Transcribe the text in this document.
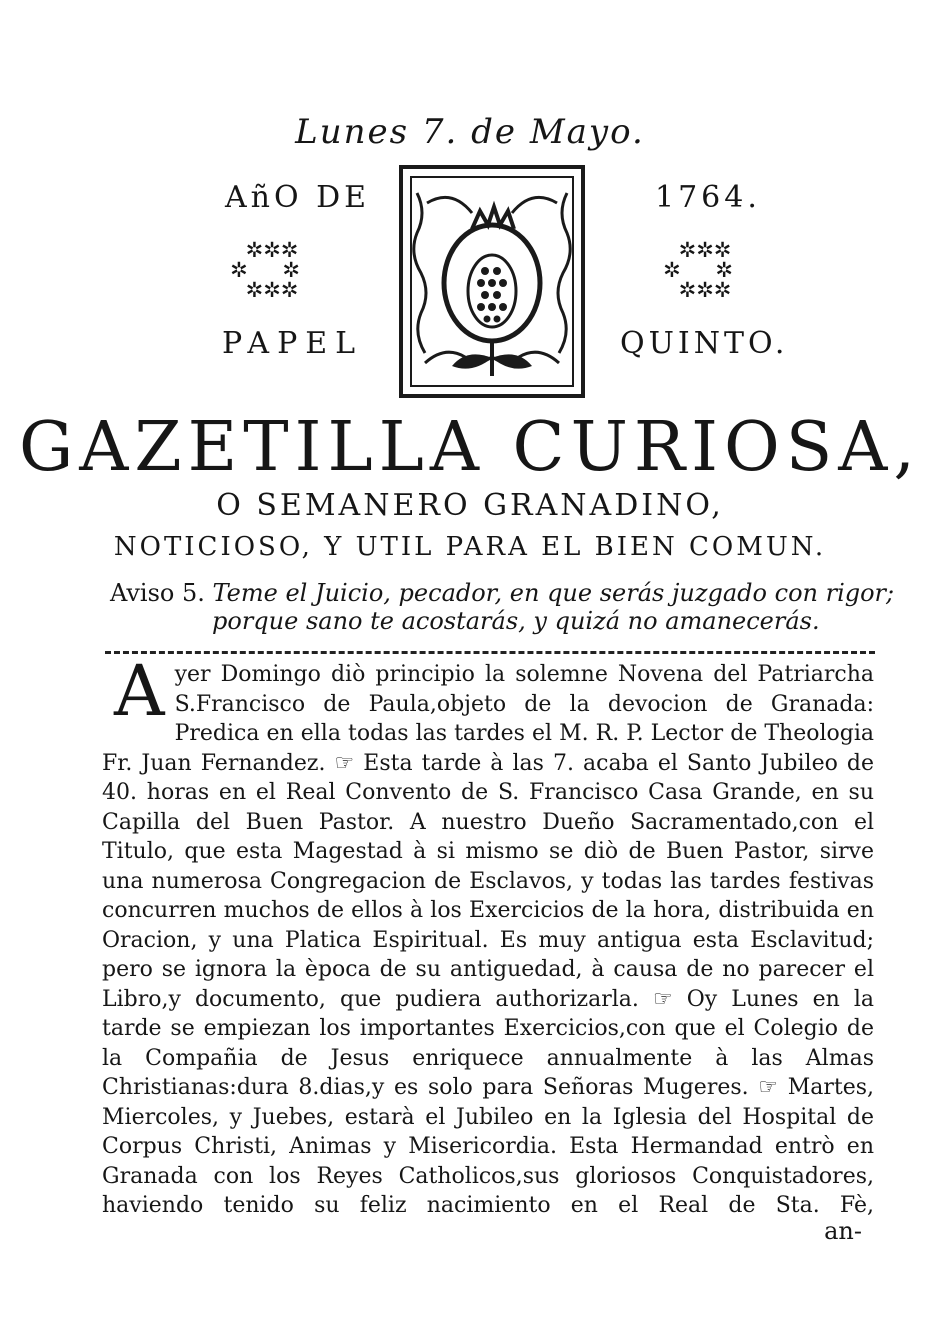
Lunes 7. de Mayo.
AñO DE	1764.
✲✲✲
✲ ✲
✲✲✲
✲✲✲
✲ ✲
✲✲✲
PAPEL	QUINTO.
GAZETILLA CURIOSA,
O SEMANERO GRANADINO,
NOTICIOSO, Y UTIL PARA EL BIEN COMUN.
Aviso 5. Teme el Juicio, pecador, en que serás juzgado con rigor;
porque sano te acostarás, y quizá no amanecerás.
A yer Domingo diò principio la solemne Novena del Patriarcha S.Francisco de Paula,objeto de la devocion de Granada: Predica en ella todas las tardes el M. R. P. Lector de Theologia Fr. Juan Fernandez. ☞ Esta tarde à las 7. acaba el Santo Jubileo de 40. horas en el Real Convento de S. Francisco Casa Grande, en su Capilla del Buen Pastor. A nuestro Dueño Sacramentado,con el Titulo, que esta Magestad à si mismo se diò de Buen Pastor, sirve una numerosa Congregacion de Esclavos, y todas las tardes festivas concurren muchos de ellos à los Exercicios de la hora, distribuida en Oracion, y una Platica Espiritual. Es muy antigua esta Esclavitud; pero se ignora la època de su antiguedad, à causa de no parecer el Libro,y documento, que pudiera authorizarla. ☞ Oy Lunes en la tarde se empiezan los importantes Exercicios,con que el Colegio de la Compañia de Jesus enriquece annualmente à las Almas Christianas:dura 8.dias,y es solo para Señoras Mugeres. ☞ Martes, Miercoles, y Juebes, estarà el Jubileo en la Iglesia del Hospital de Corpus Christi, Animas y Misericordia. Esta Hermandad entrò en Granada con los Reyes Catholicos,sus gloriosos Conquistadores, haviendo tenido su feliz nacimiento en el Real de Sta. Fè,

an-
